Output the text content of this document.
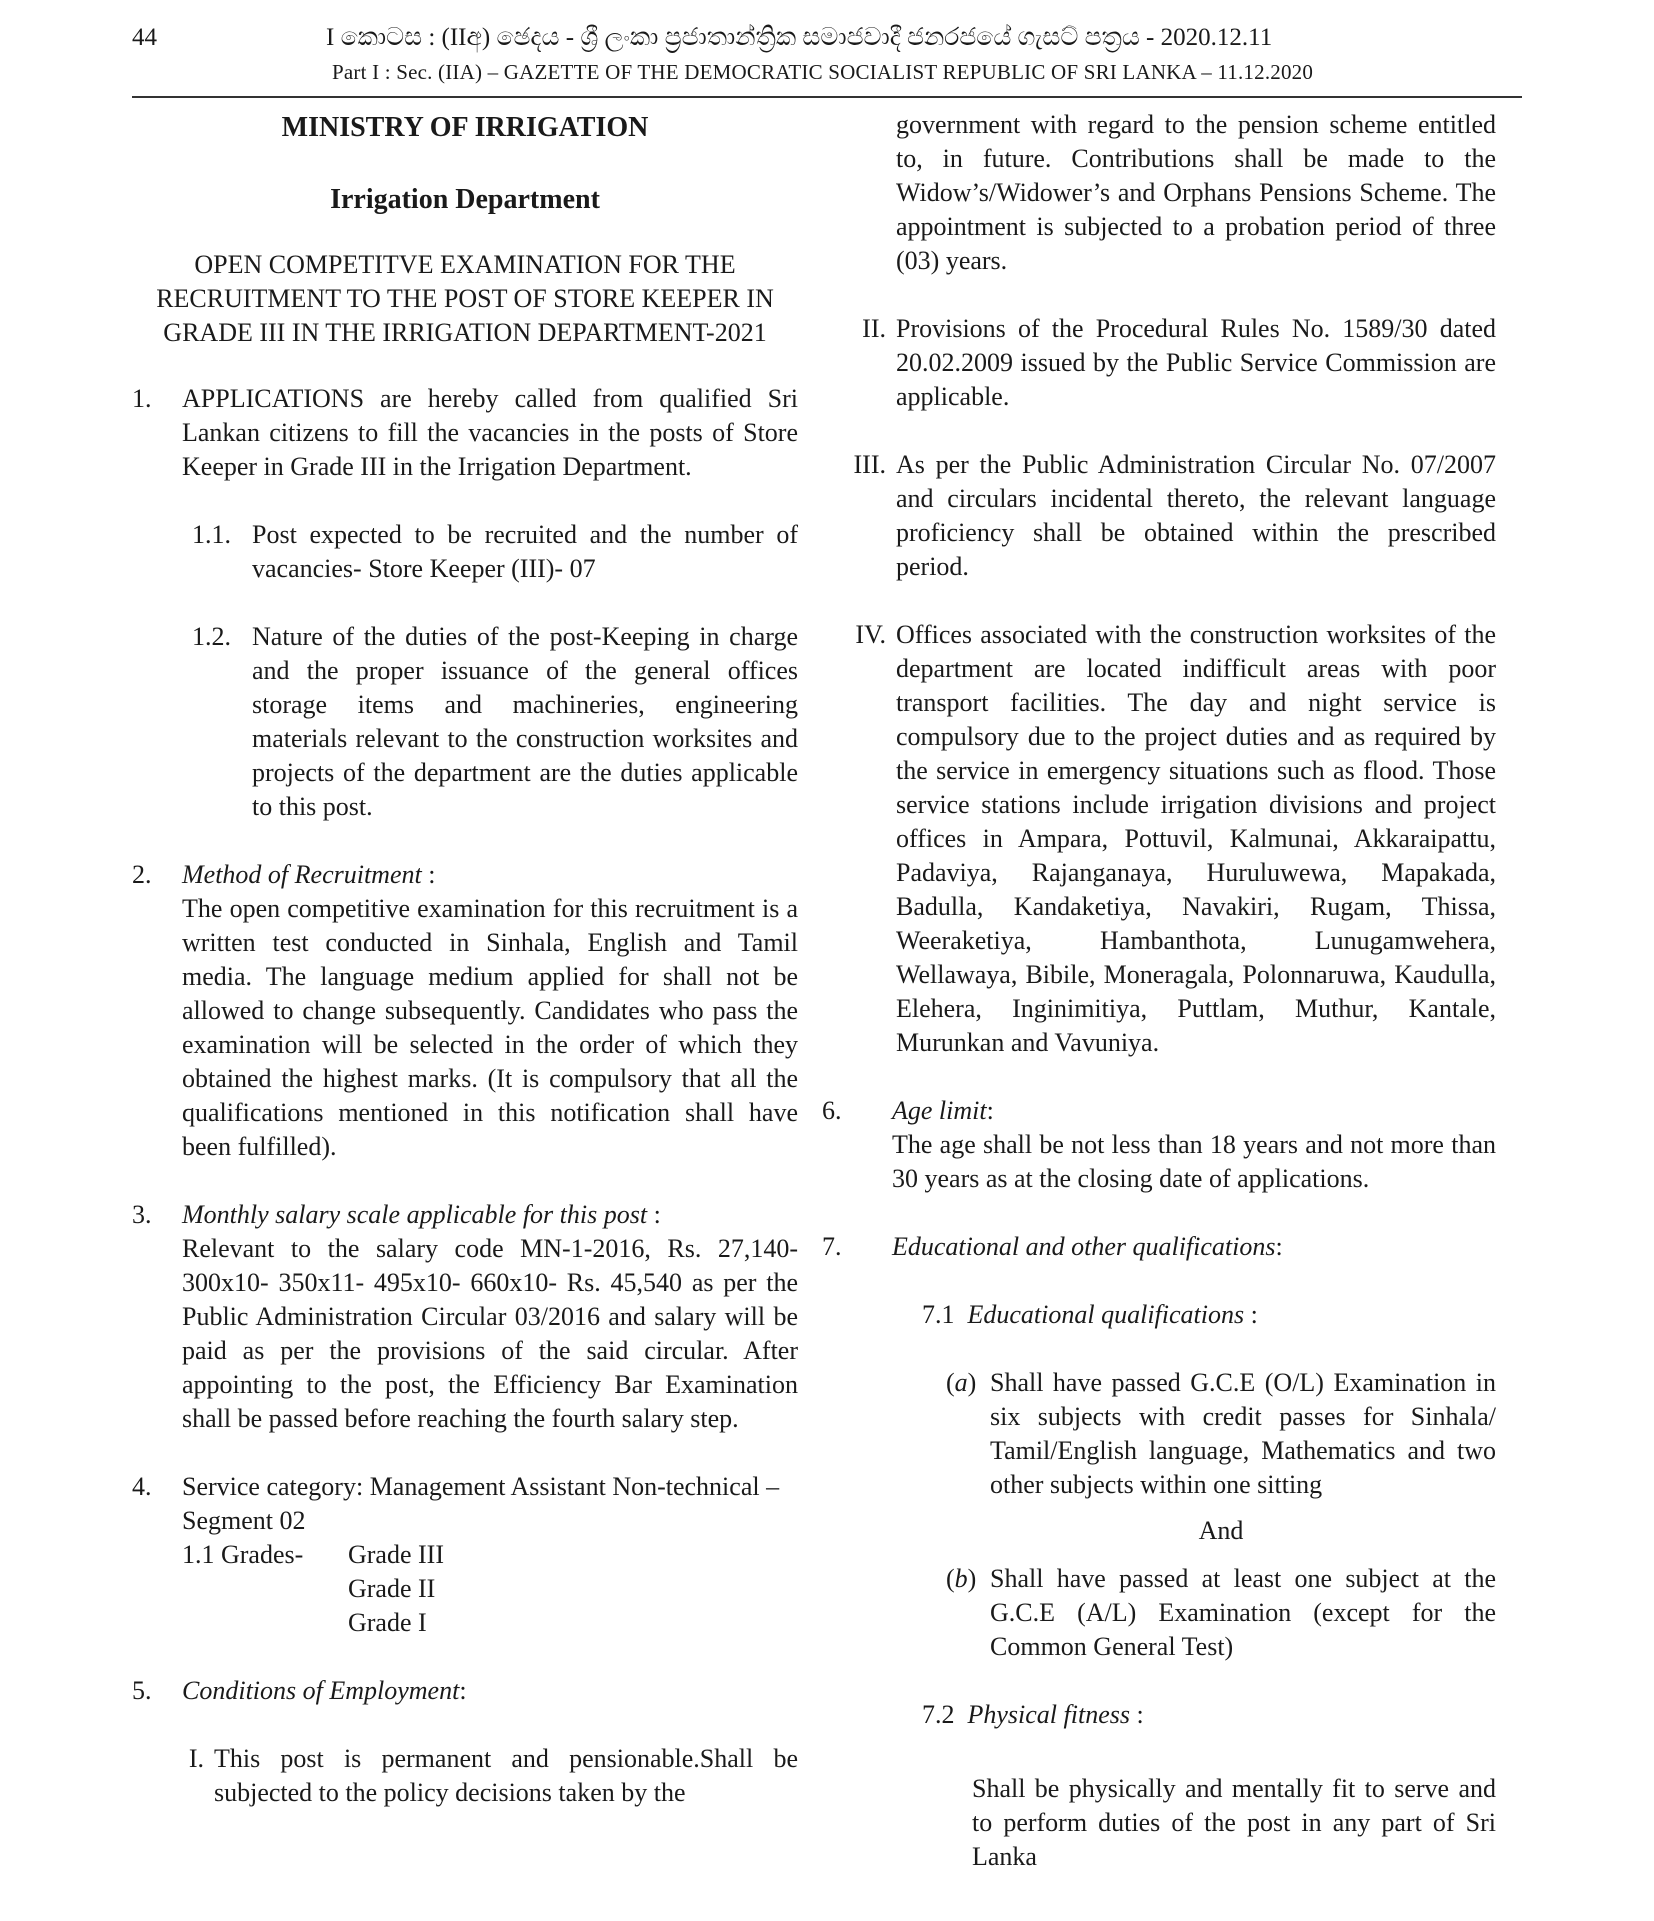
44	I කොටස : (IIඅ) ඡෙදය - ශ්‍රී ලංකා ප්‍රජාතාන්ත්‍රික සමාජවාදී ජනරජයේ ගැසට් පත්‍රය - 2020.12.11
Part I : Sec. (IIA) – GAZETTE OF THE DEMOCRATIC SOCIALIST REPUBLIC OF SRI LANKA – 11.12.2020
MINISTRY OF IRRIGATION
Irrigation Department
OPEN COMPETITVE EXAMINATION FOR THE RECRUITMENT TO THE POST OF STORE KEEPER IN GRADE III IN THE IRRIGATION DEPARTMENT-2021
1.	APPLICATIONS are hereby called from qualified Sri Lankan citizens to fill the vacancies in the posts of Store Keeper in Grade III in the Irrigation Department.
1.1. Post expected to be recruited and the number of vacancies- Store Keeper (III)- 07
1.2. Nature of the duties of the post-Keeping in charge and the proper issuance of the general offices storage items and machineries, engineering materials relevant to the construction worksites and projects of the department are the duties applicable to this post.
2.	Method of Recruitment :
The open competitive examination for this recruitment is a written test conducted in Sinhala, English and Tamil media. The language medium applied for shall not be allowed to change subsequently. Candidates who pass the examination will be selected in the order of which they obtained the highest marks. (It is compulsory that all the qualifications mentioned in this notification shall have been fulfilled).
3.	Monthly salary scale applicable for this post :
Relevant to the salary code MN-1-2016, Rs. 27,140- 300x10- 350x11- 495x10- 660x10- Rs. 45,540 as per the Public Administration Circular 03/2016 and salary will be paid as per the provisions of the said circular. After appointing to the post, the Efficiency Bar Examination shall be passed before reaching the fourth salary step.
4.	Service category: Management Assistant Non-technical – Segment 02
1.1 Grades-	Grade III
Grade II
Grade I
5.	Conditions of Employment:
I. This post is permanent and pensionable.Shall be subjected to the policy decisions taken by the
government with regard to the pension scheme entitled to, in future. Contributions shall be made to the Widow’s/Widower’s and Orphans Pensions Scheme. The appointment is subjected to a probation period of three (03) years.
II. Provisions of the Procedural Rules No. 1589/30 dated 20.02.2009 issued by the Public Service Commission are applicable.
III. As per the Public Administration Circular No. 07/2007 and circulars incidental thereto, the relevant language proficiency shall be obtained within the prescribed period.
IV. Offices associated with the construction worksites of the department are located indifficult areas with poor transport facilities. The day and night service is compulsory due to the project duties and as required by the service in emergency situations such as flood. Those service stations include irrigation divisions and project offices in Ampara, Pottuvil, Kalmunai, Akkaraipattu, Padaviya, Rajanganaya, Huruluwewa, Mapakada, Badulla, Kandaketiya, Navakiri, Rugam, Thissa, Weeraketiya, Hambanthota, Lunugamwehera, Wellawaya, Bibile, Moneragala, Polonnaruwa, Kaudulla, Elehera, Inginimitiya, Puttlam, Muthur, Kantale, Murunkan and Vavuniya.
6.	Age limit:
The age shall be not less than 18 years and not more than 30 years as at the closing date of applications.
7.	Educational and other qualifications:
7.1 Educational qualifications :
(a) Shall have passed G.C.E (O/L) Examination in six subjects with credit passes for Sinhala/ Tamil/English language, Mathematics and two other subjects within one sitting
And
(b) Shall have passed at least one subject at the G.C.E (A/L) Examination (except for the Common General Test)
7.2 Physical fitness :
Shall be physically and mentally fit to serve and to perform duties of the post in any part of Sri Lanka
